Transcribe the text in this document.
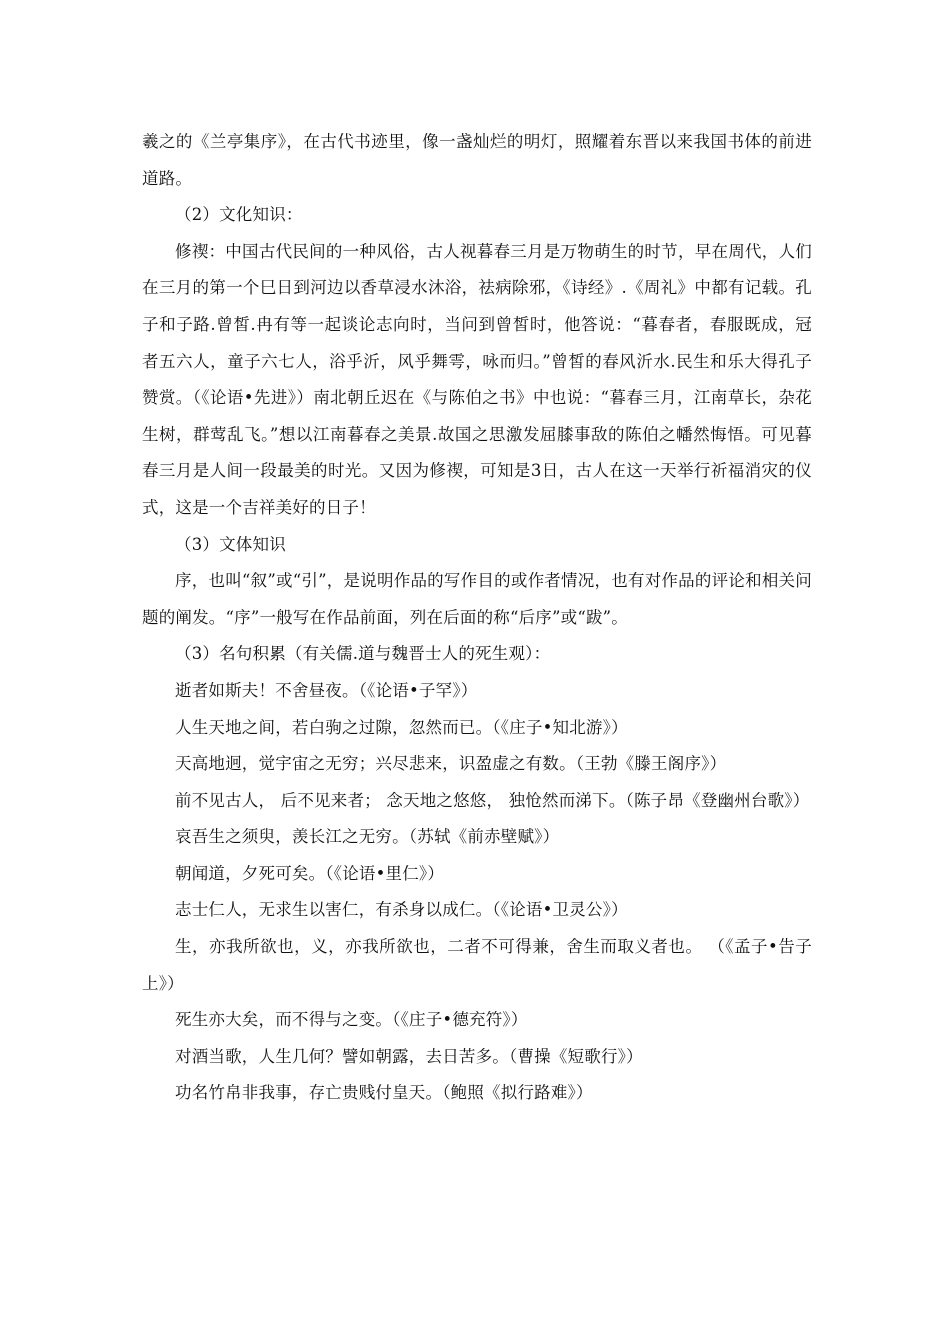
羲之的《兰亭集序》，在古代书迹里，像一盏灿烂的明灯，照耀着东晋以来我国书体的前进道路。

（2）文化知识：

修禊：中国古代民间的一种风俗，古人视暮春三月是万物萌生的时节，早在周代，人们在三月的第一个巳日到河边以香草浸水沐浴，祛病除邪，《诗经》.《周礼》中都有记载。孔子和子路.曾皙.冉有等一起谈论志向时，当问到曾皙时，他答说：“暮春者，春服既成，冠者五六人，童子六七人，浴乎沂，风乎舞雩，咏而归。”曾皙的春风沂水.民生和乐大得孔子赞赏。（《论语•先进》）南北朝丘迟在《与陈伯之书》中也说：“暮春三月，江南草长，杂花生树，群莺乱飞。”想以江南暮春之美景.故国之思激发屈膝事敌的陈伯之幡然悔悟。可见暮春三月是人间一段最美的时光。又因为修禊，可知是3日，古人在这一天举行祈福消灾的仪式，这是一个吉祥美好的日子！

（3）文体知识

序，也叫“叙”或“引”，是说明作品的写作目的或作者情况，也有对作品的评论和相关问题的阐发。“序”一般写在作品前面，列在后面的称“后序”或“跋”。

（3）名句积累（有关儒.道与魏晋士人的死生观）：

逝者如斯夫！不舍昼夜。（《论语•子罕》）

人生天地之间，若白驹之过隙，忽然而已。（《庄子•知北游》）

天高地迥，觉宇宙之无穷；兴尽悲来，识盈虚之有数。（王勃《滕王阁序》）

前不见古人， 后不见来者； 念天地之悠悠， 独怆然而涕下。（陈子昂《登幽州台歌》）

哀吾生之须臾，羡长江之无穷。（苏轼《前赤壁赋》）

朝闻道，夕死可矣。（《论语•里仁》）

志士仁人，无求生以害仁，有杀身以成仁。（《论语•卫灵公》）

生，亦我所欲也，义，亦我所欲也，二者不可得兼，舍生而取义者也。 （《孟子•告子上》）

死生亦大矣，而不得与之变。（《庄子•德充符》）

对酒当歌，人生几何？譬如朝露，去日苦多。（曹操《短歌行》）

功名竹帛非我事，存亡贵贱付皇天。（鲍照《拟行路难》）
